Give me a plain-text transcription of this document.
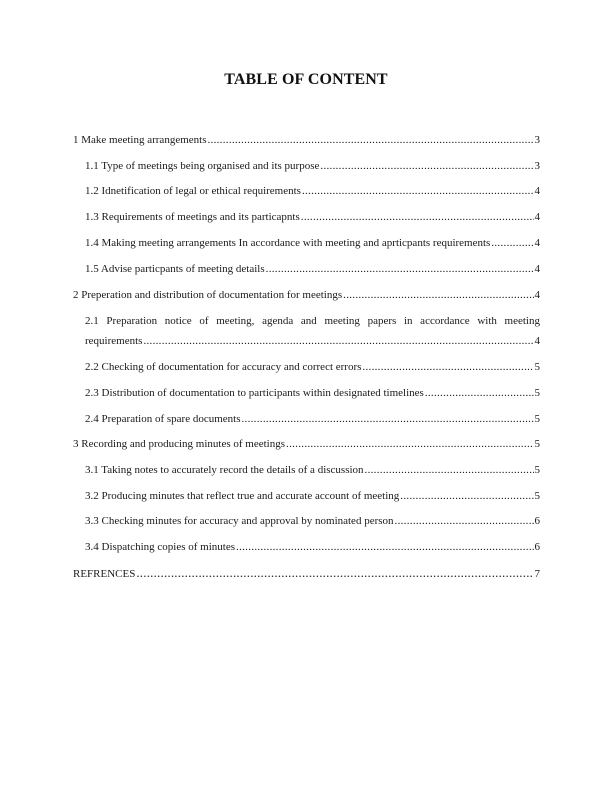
TABLE OF CONTENT
1 Make meeting arrangements .....	3
1.1 Type of meetings being organised and its purpose .....	3
1.2 Idnetification of legal or ethical requirements .....	4
1.3 Requirements of meetings and its particapnts .....	4
1.4 Making meeting arrangements In accordance with meeting and aprticpants requirements .....	4
1.5 Advise particpants of meeting details .....	4
2 Preperation and distribution of documentation for meetings .....	4
2.1 Preparation notice of meeting, agenda and meeting papers in accordance with meeting
requirements .....	4
2.2 Checking of documentation for accuracy and correct errors .....	5
2.3 Distribution of documentation to participants within designated timelines .....	5
2.4 Preparation of spare documents .....	5
3 Recording and producing minutes of meetings .....	5
3.1 Taking notes to accurately record the details of a discussion .....	5
3.2 Producing minutes that reflect true and accurate account of meeting .....	5
3.3 Checking minutes for accuracy and approval by nominated person .....	6
3.4 Dispatching copies of minutes .....	6
REFRENCES .....	7
